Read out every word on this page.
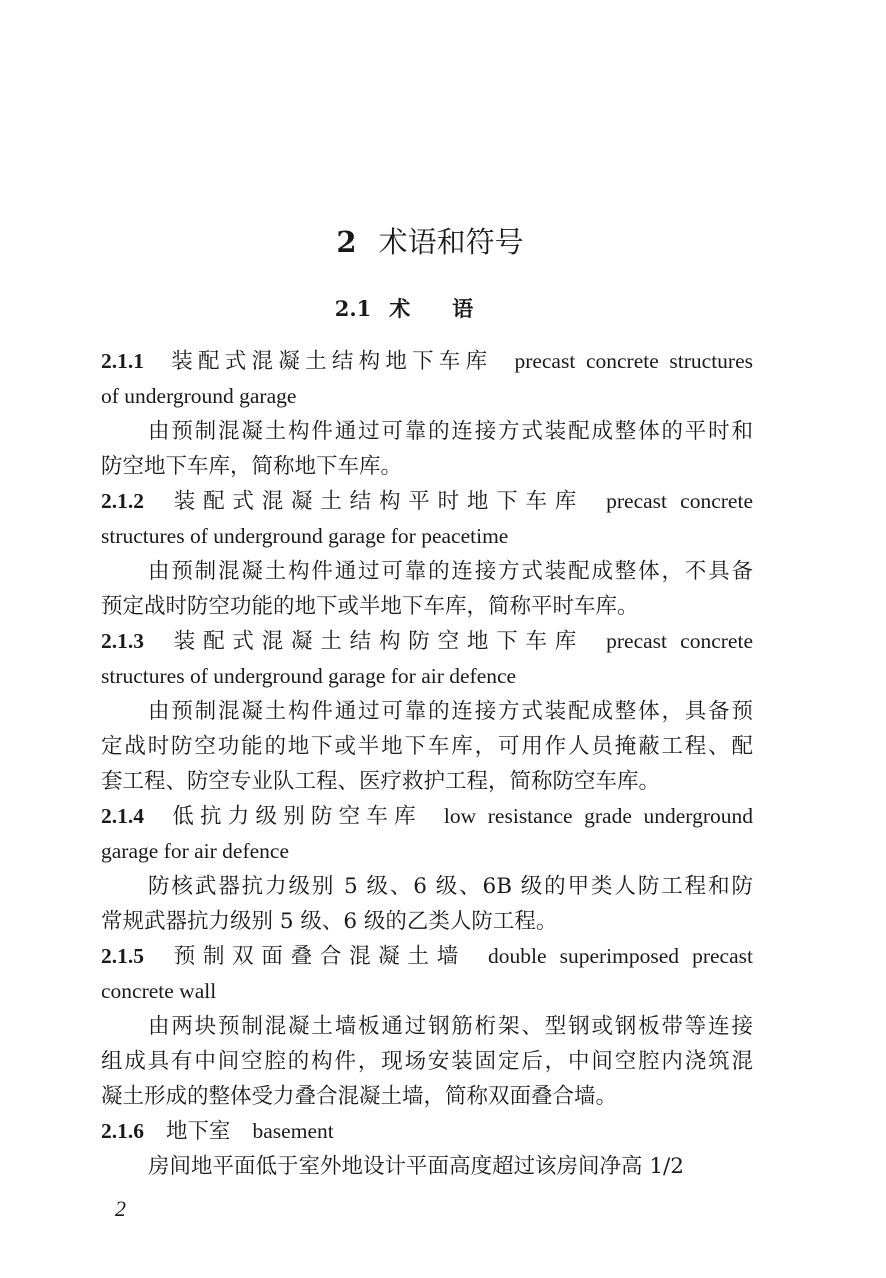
2 术语和符号
2.1 术语
2.1.1 装配式混凝土结构地下车库 precast concrete structures
of underground garage
由预制混凝土构件通过可靠的连接方式装配成整体的平时和
防空地下车库，简称地下车库。
2.1.2 装配式混凝土结构平时地下车库 precast concrete
structures of underground garage for peacetime
由预制混凝土构件通过可靠的连接方式装配成整体，不具备
预定战时防空功能的地下或半地下车库，简称平时车库。
2.1.3 装配式混凝土结构防空地下车库 precast concrete
structures of underground garage for air defence
由预制混凝土构件通过可靠的连接方式装配成整体，具备预
定战时防空功能的地下或半地下车库，可用作人员掩蔽工程、配
套工程、防空专业队工程、医疗救护工程，简称防空车库。
2.1.4 低抗力级别防空车库 low resistance grade underground
garage for air defence
防核武器抗力级别 5 级、6 级、6B 级的甲类人防工程和防
常规武器抗力级别 5 级、6 级的乙类人防工程。
2.1.5 预制双面叠合混凝土墙 double superimposed precast
concrete wall
由两块预制混凝土墙板通过钢筋桁架、型钢或钢板带等连接
组成具有中间空腔的构件，现场安装固定后，中间空腔内浇筑混
凝土形成的整体受力叠合混凝土墙，简称双面叠合墙。
2.1.6 地下室 basement
房间地平面低于室外地设计平面高度超过该房间净高 1/2
2
